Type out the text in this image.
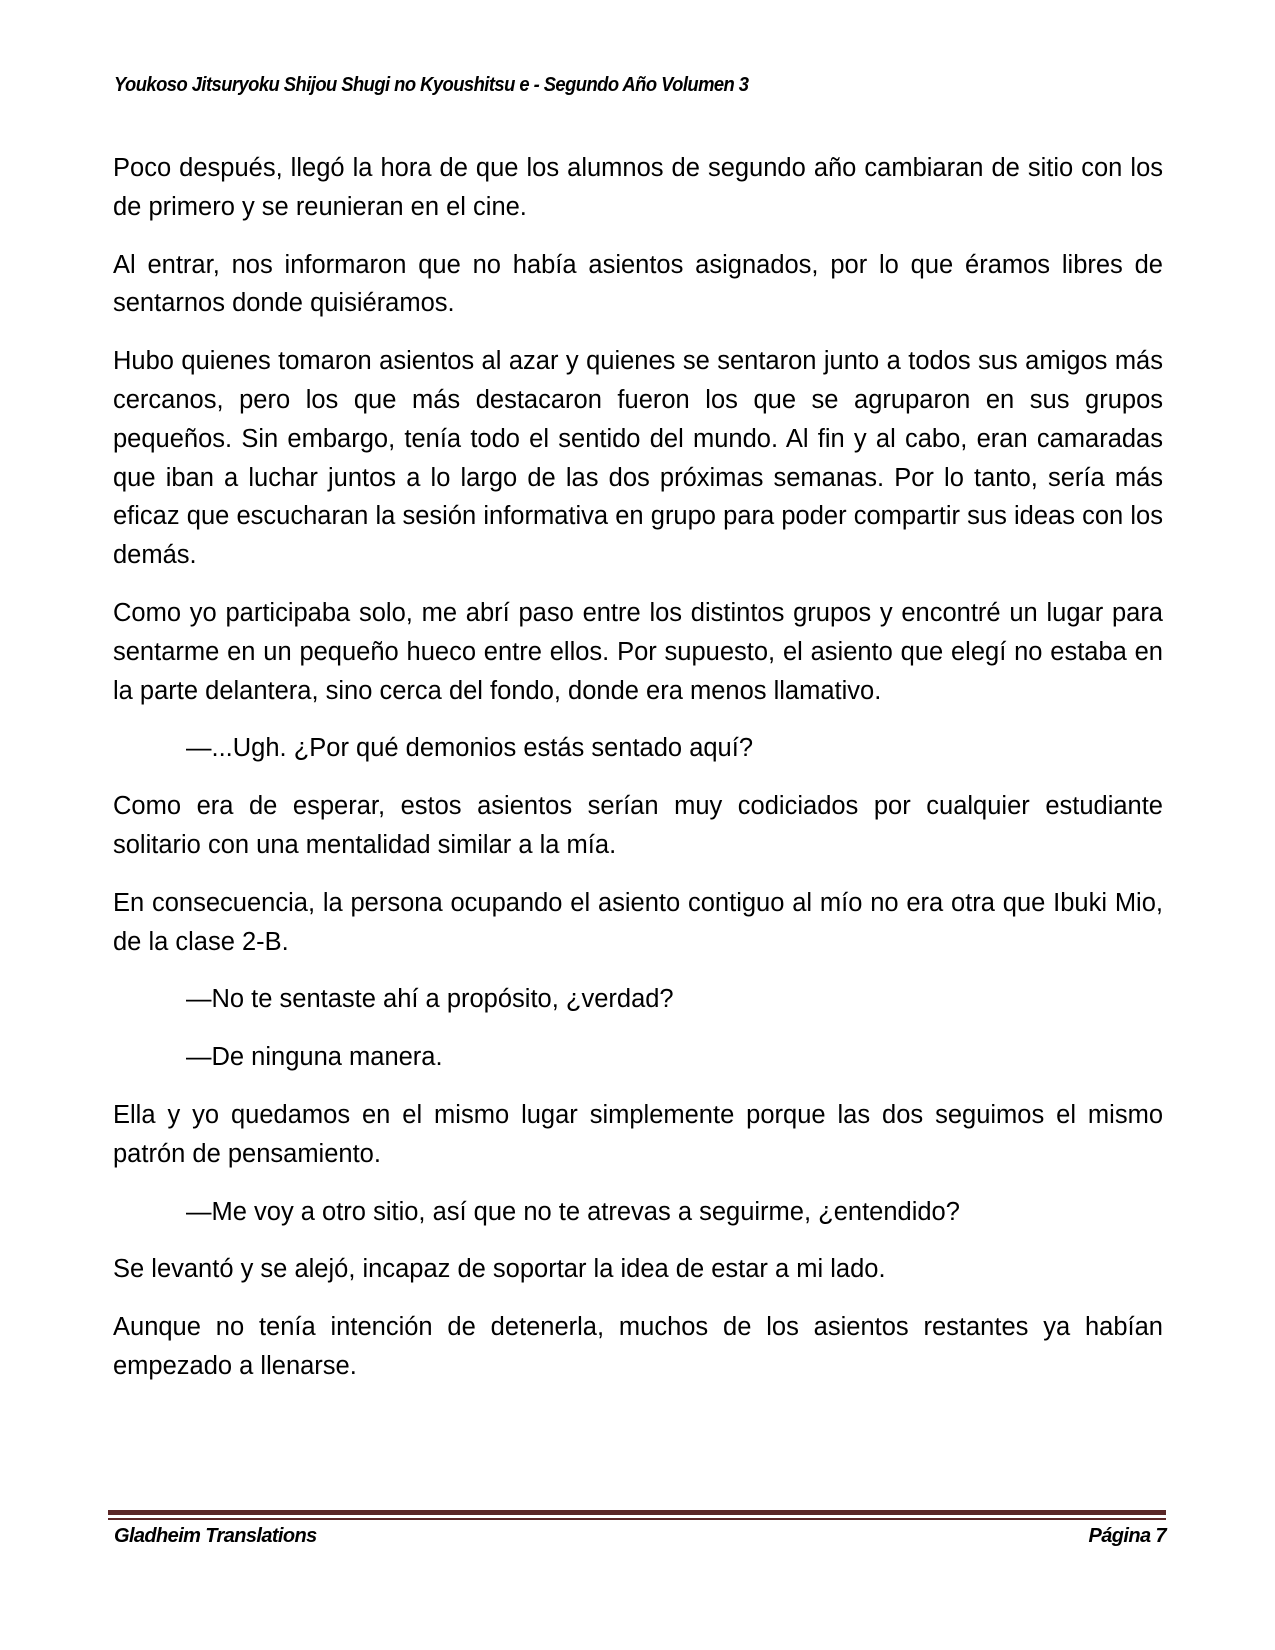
Youkoso Jitsuryoku Shijou Shugi no Kyoushitsu e - Segundo Año Volumen 3

Poco después, llegó la hora de que los alumnos de segundo año cambiaran de sitio con los de primero y se reunieran en el cine.

Al entrar, nos informaron que no había asientos asignados, por lo que éramos libres de sentarnos donde quisiéramos.

Hubo quienes tomaron asientos al azar y quienes se sentaron junto a todos sus amigos más cercanos, pero los que más destacaron fueron los que se agruparon en sus grupos pequeños. Sin embargo, tenía todo el sentido del mundo. Al fin y al cabo, eran camaradas que iban a luchar juntos a lo largo de las dos próximas semanas. Por lo tanto, sería más eficaz que escucharan la sesión informativa en grupo para poder compartir sus ideas con los demás.

Como yo participaba solo, me abrí paso entre los distintos grupos y encontré un lugar para sentarme en un pequeño hueco entre ellos. Por supuesto, el asiento que elegí no estaba en la parte delantera, sino cerca del fondo, donde era menos llamativo.

—...Ugh. ¿Por qué demonios estás sentado aquí?

Como era de esperar, estos asientos serían muy codiciados por cualquier estudiante solitario con una mentalidad similar a la mía.

En consecuencia, la persona ocupando el asiento contiguo al mío no era otra que Ibuki Mio, de la clase 2-B.

—No te sentaste ahí a propósito, ¿verdad?

—De ninguna manera.

Ella y yo quedamos en el mismo lugar simplemente porque las dos seguimos el mismo patrón de pensamiento.

—Me voy a otro sitio, así que no te atrevas a seguirme, ¿entendido?

Se levantó y se alejó, incapaz de soportar la idea de estar a mi lado.

Aunque no tenía intención de detenerla, muchos de los asientos restantes ya habían empezado a llenarse.

Gladheim Translations	Página 7
